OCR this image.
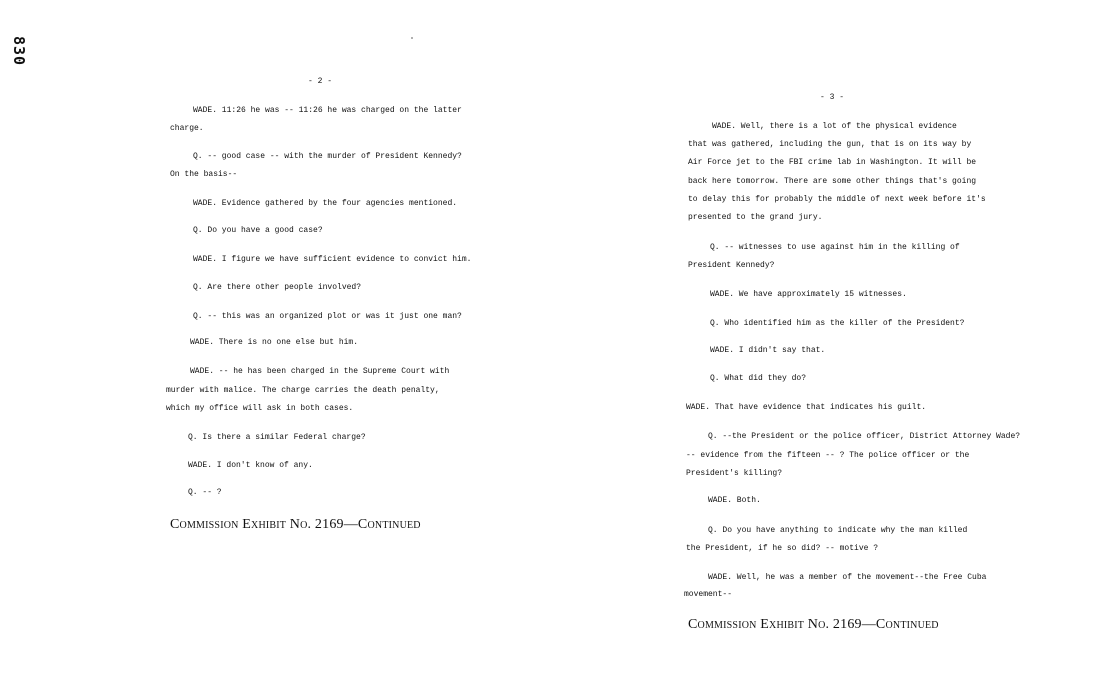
830
- 2 -
WADE. 11:26 he was -- 11:26 he was charged on the latter
charge.
Q. -- good case -- with the murder of President Kennedy?
On the basis--
WADE. Evidence gathered by the four agencies mentioned.
Q. Do you have a good case?
WADE. I figure we have sufficient evidence to convict him.
Q. Are there other people involved?
Q. -- this was an organized plot or was it just one man?
WADE. There is no one else but him.
WADE. -- he has been charged in the Supreme Court with
murder with malice. The charge carries the death penalty,
which my office will ask in both cases.
Q. Is there a similar Federal charge?
WADE. I don't know of any.
Q. -- ?
Commission Exhibit No. 2169—Continued
- 3 -
WADE. Well, there is a lot of the physical evidence
that was gathered, including the gun, that is on its way by
Air Force jet to the FBI crime lab in Washington. It will be
back here tomorrow. There are some other things that's going
to delay this for probably the middle of next week before it's
presented to the grand jury.
Q. -- witnesses to use against him in the killing of
President Kennedy?
WADE. We have approximately 15 witnesses.
Q. Who identified him as the killer of the President?
WADE. I didn't say that.
Q. What did they do?
WADE. That have evidence that indicates his guilt.
Q. --the President or the police officer, District Attorney Wade?
-- evidence from the fifteen -- ? The police officer or the
President's killing?
WADE. Both.
Q. Do you have anything to indicate why the man killed
the President, if he so did? -- motive ?
WADE. Well, he was a member of the movement--the Free Cuba
movement--
Commission Exhibit No. 2169—Continued
